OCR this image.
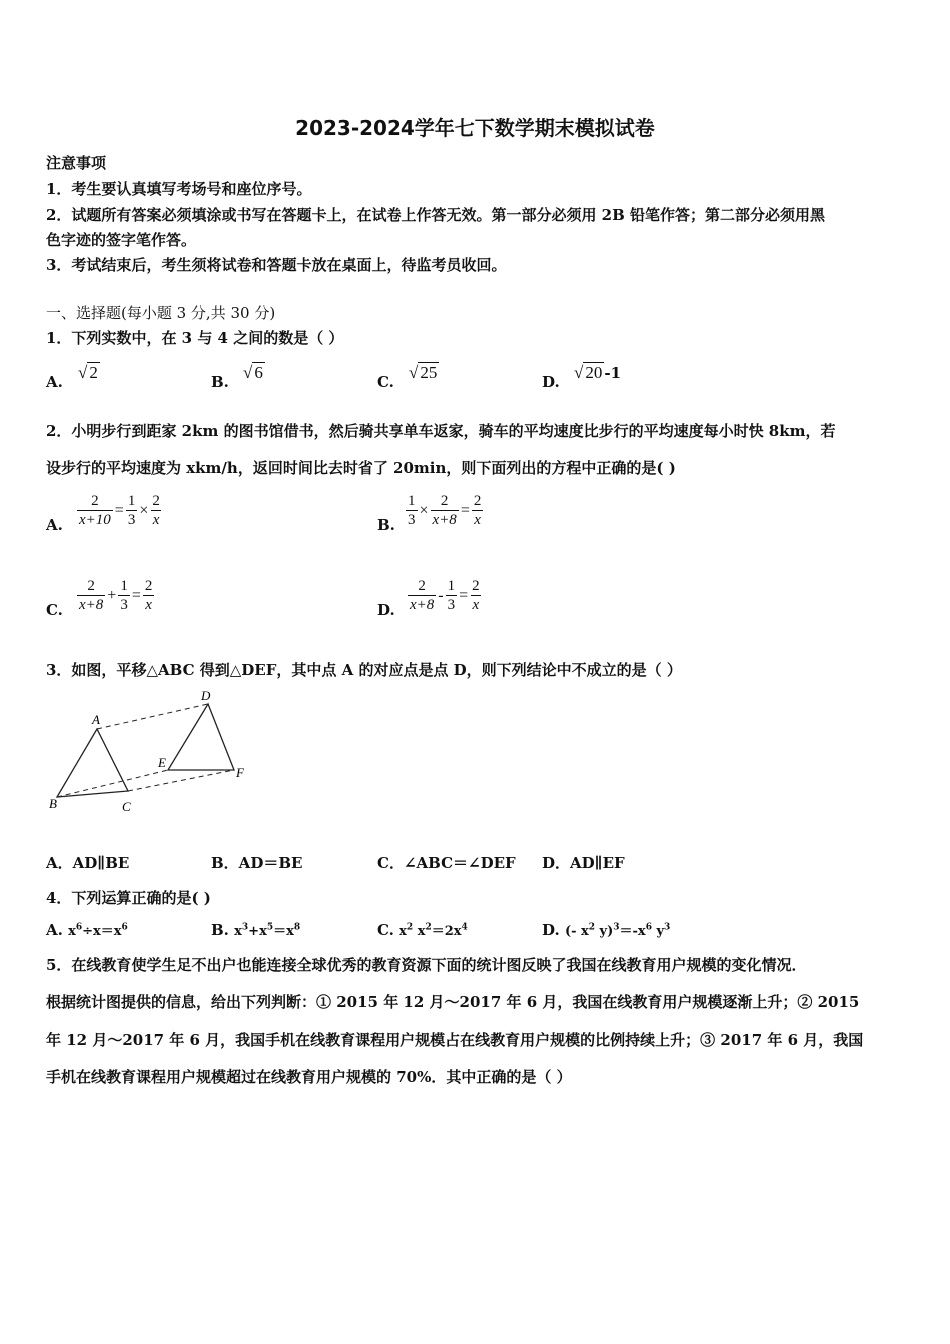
2023-2024学年七下数学期末模拟试卷
注意事项
1．考生要认真填写考场号和座位序号。
2．试题所有答案必须填涂或书写在答题卡上，在试卷上作答无效。第一部分必须用 2B 铅笔作答；第二部分必须用黑
色字迹的签字笔作答。
3．考试结束后，考生须将试卷和答题卡放在桌面上，待监考员收回。
一、选择题(每小题 3 分,共 30 分)
1．下列实数中，在 3 与 4 之间的数是（ ）
A. √ 2	B. √ 6	C. √ 25	D. √ 20 -1
2．小明步行到距家 2km 的图书馆借书，然后骑共享单车返家，骑车的平均速度比步行的平均速度每小时快 8km，若
设步行的平均速度为 xkm/h，返回时间比去时省了 20min，则下面列出的方程中正确的是( )
A. $\frac{2}{x+10} = \frac{1}{3} \times \frac{2}{x}$	B. $\frac{1}{3} \times \frac{2}{x+8} = \frac{2}{x}$
C. $\frac{2}{x+8} + \frac{1}{3} = \frac{2}{x}$	D. $\frac{2}{x+8} - \frac{1}{3} = \frac{2}{x}$
3．如图，平移△ABC 得到△DEF，其中点 A 的对应点是点 D，则下列结论中不成立的是（ ）
A
B	C
D
E
F
A．AD∥BE	B．AD＝BE	C．∠ABC＝∠DEF D．AD∥EF
4．下列运算正确的是( )
A. $x^6\div x=x^6$	B. $x^3+x^5=x^8$	C. $x^2$ $x^2=2x^4$	D. (- $x^2$ $y)^3=-x^6$ $y^3$
5．在线教育使学生足不出户也能连接全球优秀的教育资源下面的统计图反映了我国在线教育用户规模的变化情况．
根据统计图提供的信息，给出下列判断：① 2015 年 12 月～2017 年 6 月，我国在线教育用户规模逐渐上升；② 2015
年 12 月～2017 年 6 月，我国手机在线教育课程用户规模占在线教育用户规模的比例持续上升；③ 2017 年 6 月，我国
手机在线教育课程用户规模超过在线教育用户规模的 70%．其中正确的是（ ）
